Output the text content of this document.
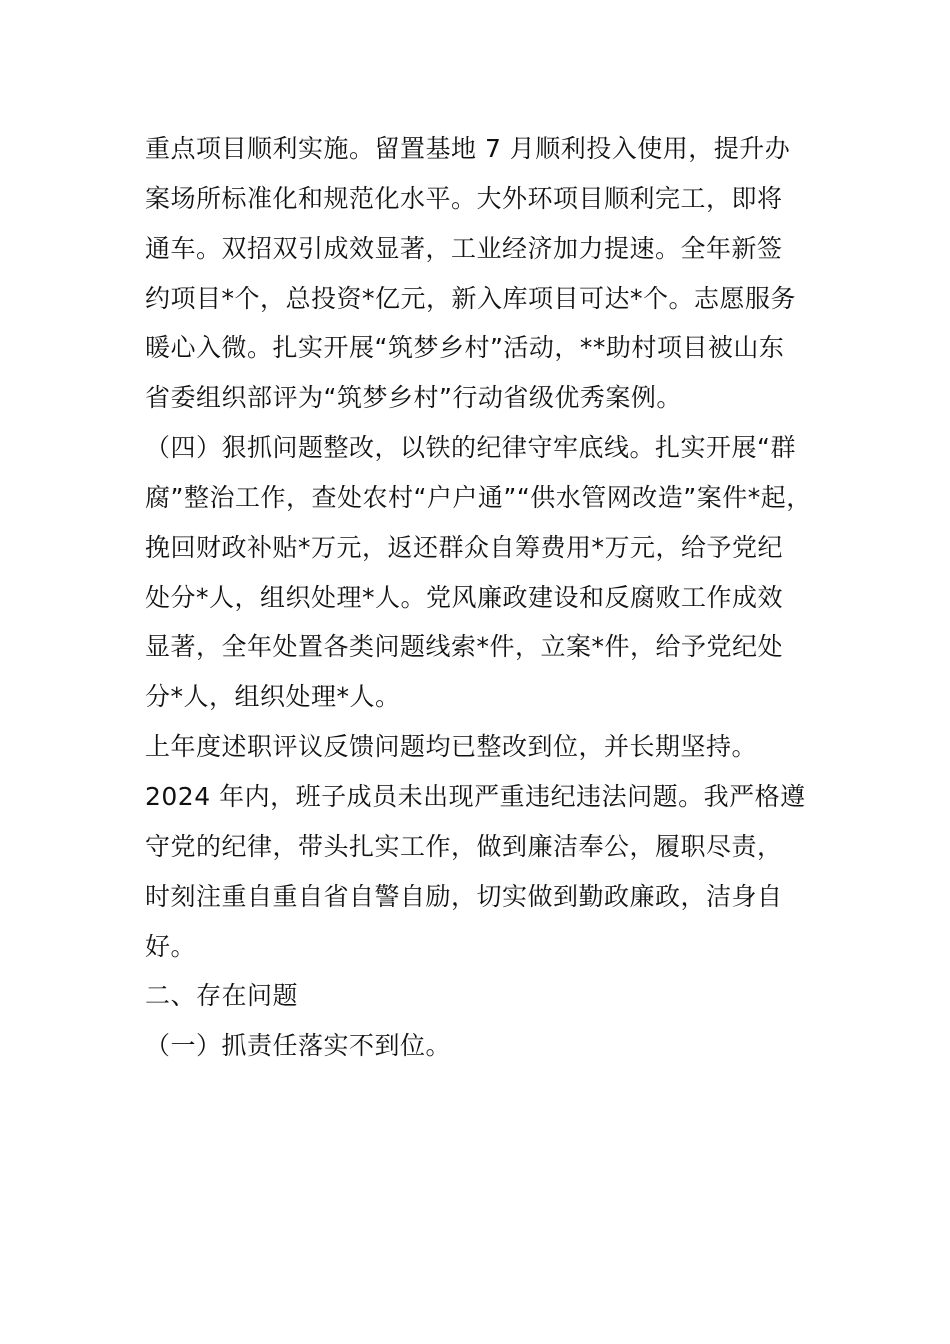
重点项目顺利实施。留置基地 7 月顺利投入使用，提升办
案场所标准化和规范化水平。大外环项目顺利完工，即将
通车。双招双引成效显著，工业经济加力提速。全年新签
约项目*个，总投资*亿元，新入库项目可达*个。志愿服务
暖心入微。扎实开展“筑梦乡村”活动，**助村项目被山东
省委组织部评为“筑梦乡村”行动省级优秀案例。
（四）狠抓问题整改，以铁的纪律守牢底线。扎实开展“群
腐”整治工作，查处农村“户户通”“供水管网改造”案件*起，
挽回财政补贴*万元，返还群众自筹费用*万元，给予党纪
处分*人，组织处理*人。党风廉政建设和反腐败工作成效
显著，全年处置各类问题线索*件，立案*件，给予党纪处
分*人，组织处理*人。
上年度述职评议反馈问题均已整改到位，并长期坚持。
2024 年内，班子成员未出现严重违纪违法问题。我严格遵
守党的纪律，带头扎实工作，做到廉洁奉公，履职尽责，
时刻注重自重自省自警自励，切实做到勤政廉政，洁身自
好。
二、存在问题
（一）抓责任落实不到位。
